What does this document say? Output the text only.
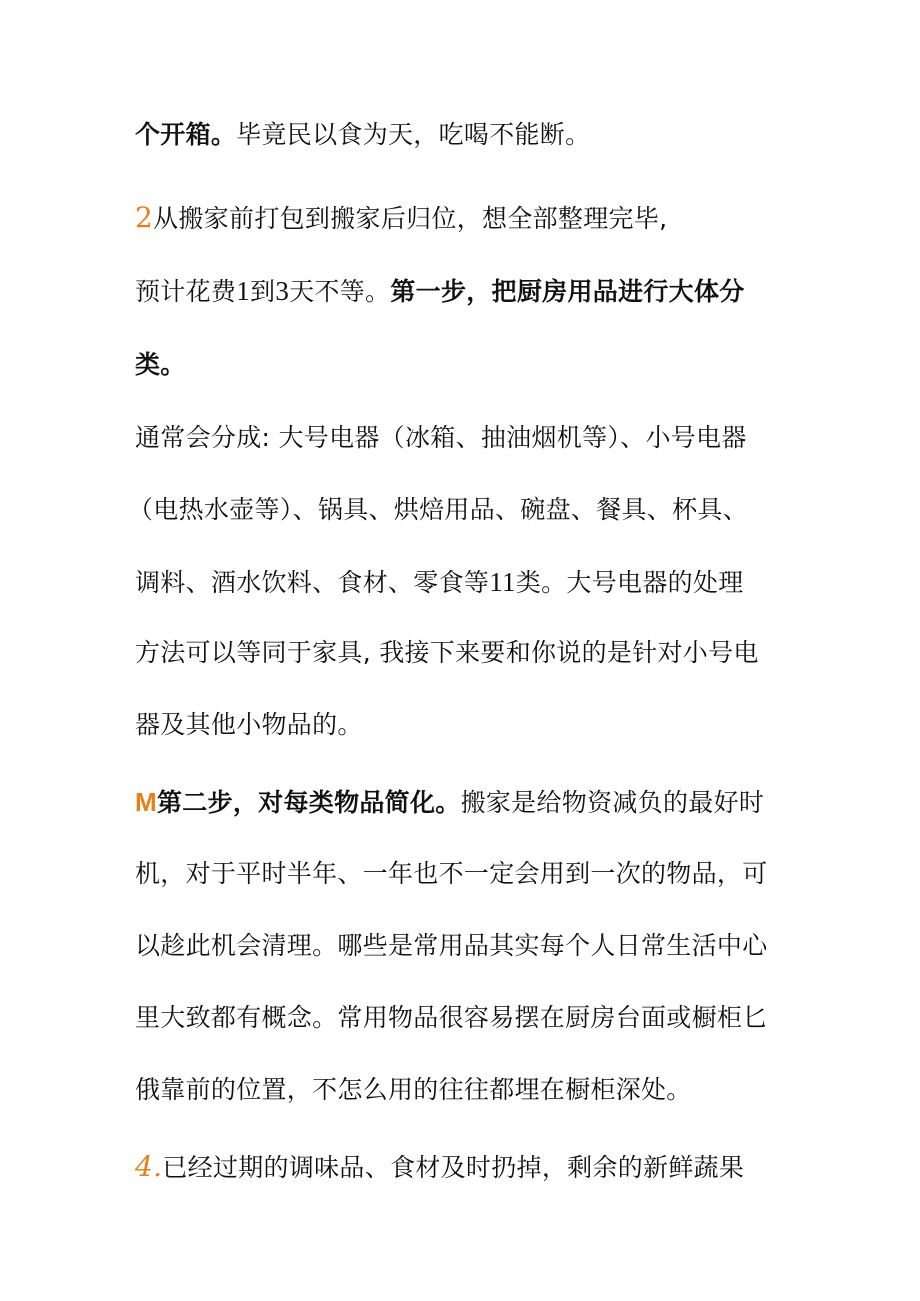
个开箱。毕竟民以食为天，吃喝不能断。
2从搬家前打包到搬家后归位，想全部整理完毕,
预计花费1到3天不等。第一步，把厨房用品进行大体分
类。
通常会分成: 大号电器（冰箱、抽油烟机等）、小号电器
（电热水壶等）、锅具、烘焙用品、碗盘、餐具、杯具、
调料、酒水饮料、食材、零食等11类。大号电器的处理
方法可以等同于家具, 我接下来要和你说的是针对小号电
器及其他小物品的。
M第二步，对每类物品简化。搬家是给物资减负的最好时
机，对于平时半年、一年也不一定会用到一次的物品，可
以趁此机会清理。哪些是常用品其实每个人日常生活中心
里大致都有概念。常用物品很容易摆在厨房台面或橱柜匕
俄靠前的位置，不怎么用的往往都埋在橱柜深处。
4.已经过期的调味品、食材及时扔掉，剩余的新鲜蔬果
